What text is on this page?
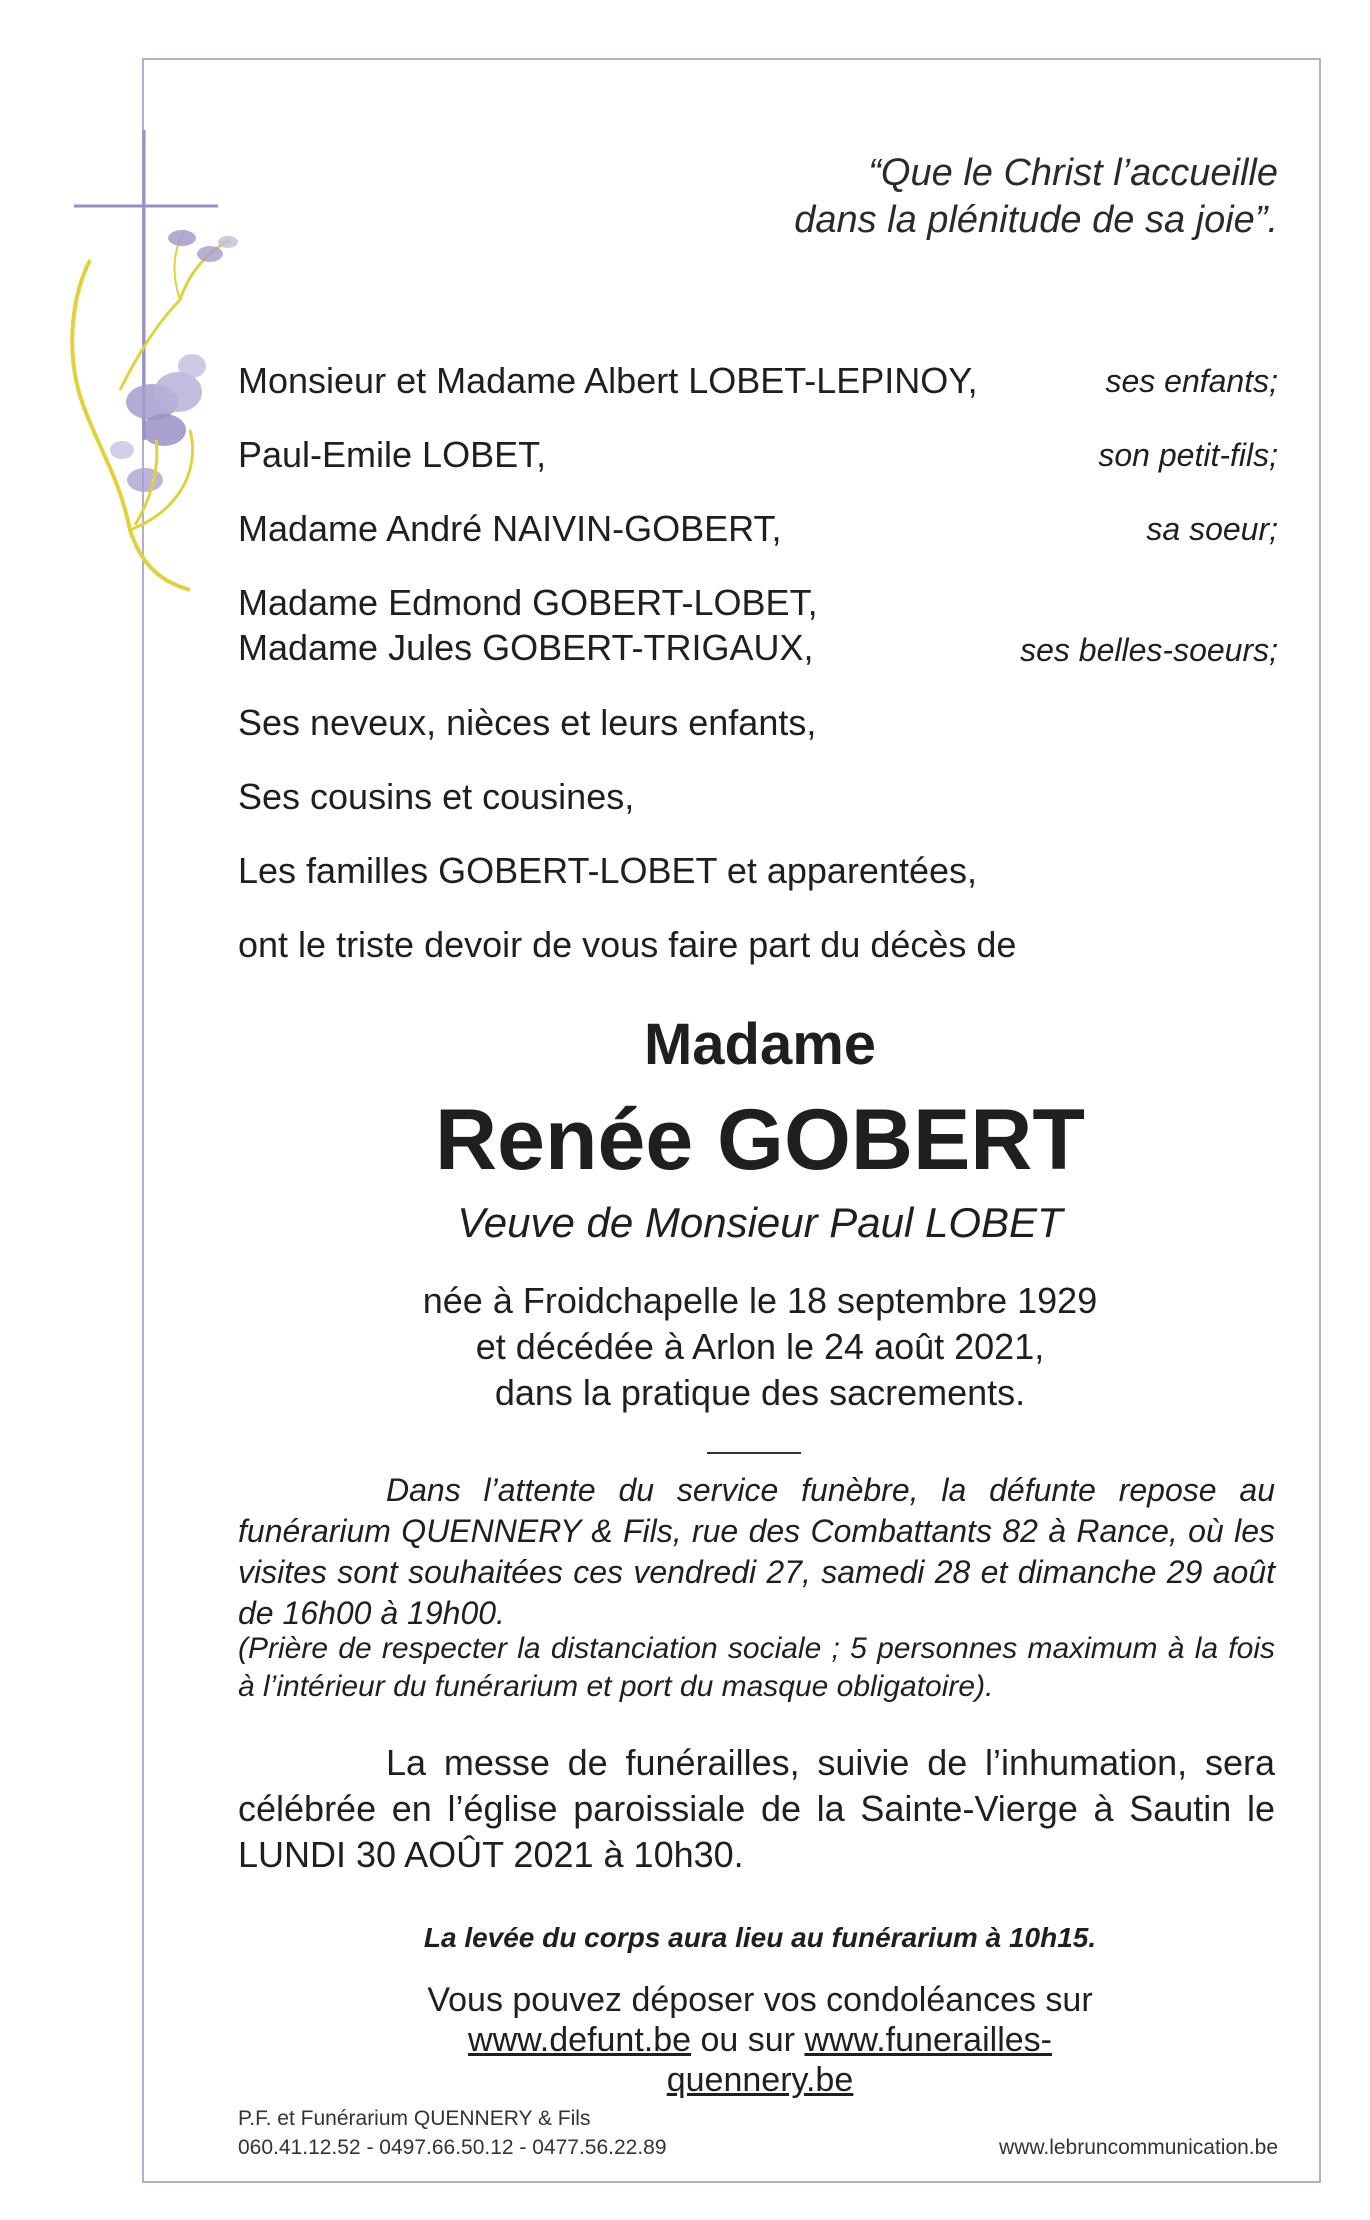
“Que le Christ l’accueille
dans la plénitude de sa joie”.
Monsieur et Madame Albert LOBET-LEPINOY,	ses enfants;
Paul-Emile LOBET,	son petit-fils;
Madame André NAIVIN-GOBERT,	sa soeur;
Madame Edmond GOBERT-LOBET,
Madame Jules GOBERT-TRIGAUX,	ses belles-soeurs;
Ses neveux, nièces et leurs enfants,
Ses cousins et cousines,
Les familles GOBERT-LOBET et apparentées,
ont le triste devoir de vous faire part du décès de
Madame
Renée GOBERT
Veuve de Monsieur Paul LOBET
née à Froidchapelle le 18 septembre 1929
et décédée à Arlon le 24 août 2021,
dans la pratique des sacrements.
Dans l’attente du service funèbre, la défunte repose au funérarium QUENNERY & Fils, rue des Combattants 82 à Rance, où les visites sont souhaitées ces vendredi 27, samedi 28 et dimanche 29 août de 16h00 à 19h00.
(Prière de respecter la distanciation sociale ; 5 personnes maximum à la fois à l’intérieur du funérarium et port du masque obligatoire).
La messe de funérailles, suivie de l’inhumation, sera célébrée en l’église paroissiale de la Sainte-Vierge à Sautin le LUNDI 30 AOÛT 2021 à 10h30.
La levée du corps aura lieu au funérarium à 10h15.
Vous pouvez déposer vos condoléances sur
www.defunt.be ou sur www.funerailles-quennery.be
P.F. et Funérarium QUENNERY & Fils
060.41.12.52 - 0497.66.50.12 - 0477.56.22.89	www.lebruncommunication.be
